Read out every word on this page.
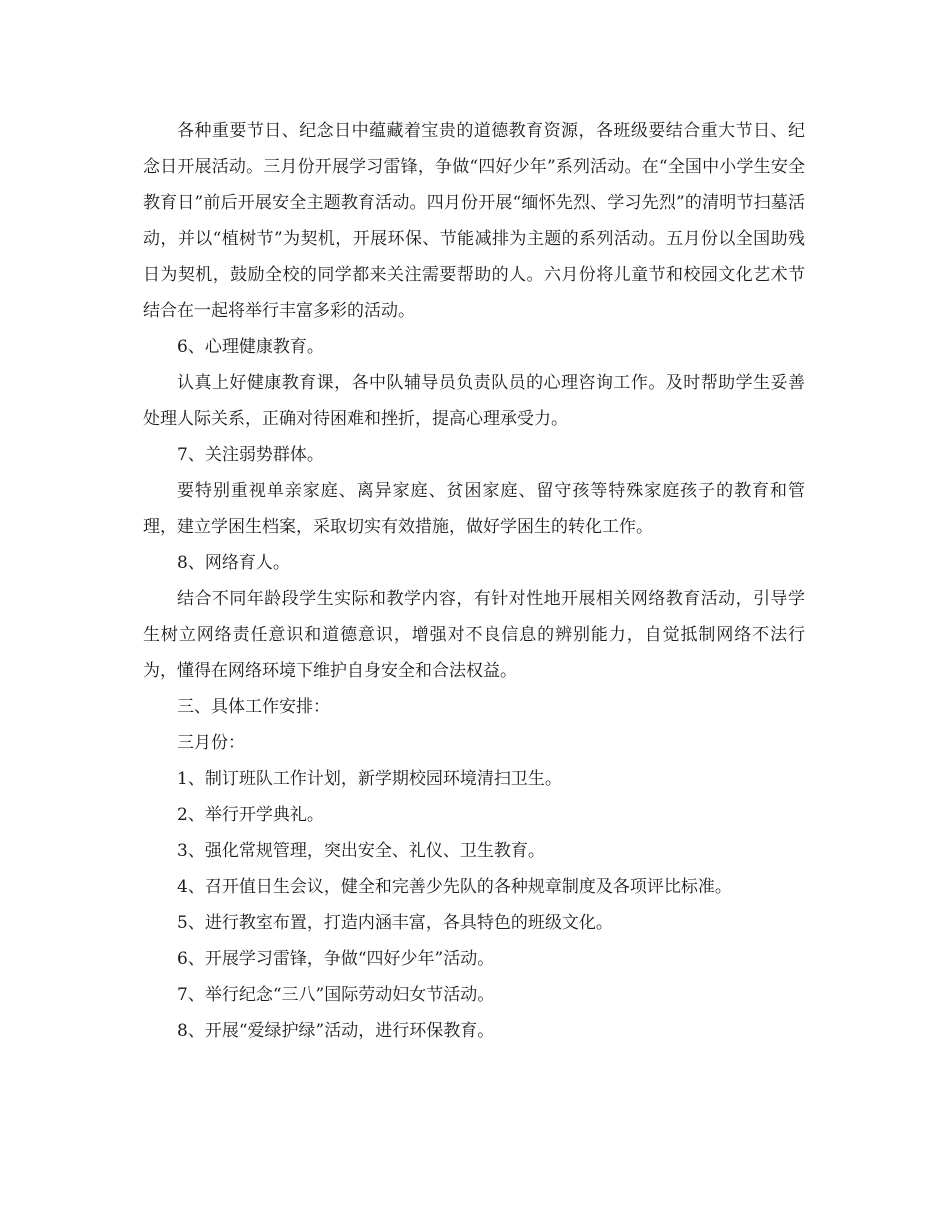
各种重要节日、纪念日中蕴藏着宝贵的道德教育资源，各班级要结合重大节日、纪念日开展活动。三月份开展学习雷锋，争做“四好少年”系列活动。在“全国中小学生安全教育日”前后开展安全主题教育活动。四月份开展“缅怀先烈、学习先烈”的清明节扫墓活动，并以“植树节”为契机，开展环保、节能减排为主题的系列活动。五月份以全国助残日为契机，鼓励全校的同学都来关注需要帮助的人。六月份将儿童节和校园文化艺术节结合在一起将举行丰富多彩的活动。

6、心理健康教育。

认真上好健康教育课，各中队辅导员负责队员的心理咨询工作。及时帮助学生妥善处理人际关系，正确对待困难和挫折，提高心理承受力。

7、关注弱势群体。

要特别重视单亲家庭、离异家庭、贫困家庭、留守孩等特殊家庭孩子的教育和管理，建立学困生档案，采取切实有效措施，做好学困生的转化工作。

8、网络育人。

结合不同年龄段学生实际和教学内容，有针对性地开展相关网络教育活动，引导学生树立网络责任意识和道德意识，增强对不良信息的辨别能力，自觉抵制网络不法行为，懂得在网络环境下维护自身安全和合法权益。

三、具体工作安排：

三月份：

1、制订班队工作计划，新学期校园环境清扫卫生。

2、举行开学典礼。

3、强化常规管理，突出安全、礼仪、卫生教育。

4、召开值日生会议，健全和完善少先队的各种规章制度及各项评比标准。

5、进行教室布置，打造内涵丰富，各具特色的班级文化。

6、开展学习雷锋，争做“四好少年”活动。

7、举行纪念“三八”国际劳动妇女节活动。

8、开展“爱绿护绿”活动，进行环保教育。
